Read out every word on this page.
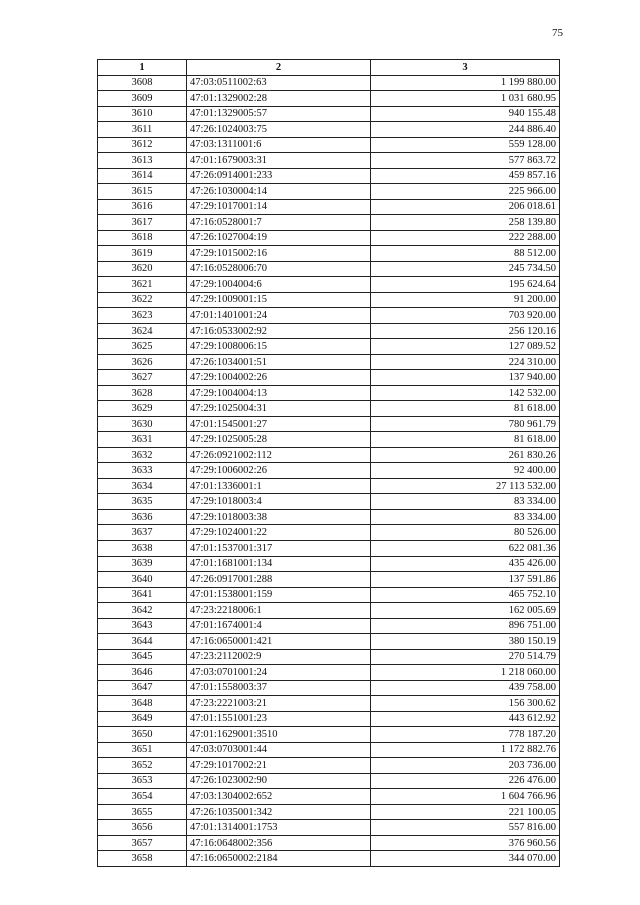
75
1	2	3
3608	47:03:0511002:63	1 199 880.00
3609	47:01:1329002:28	1 031 680.95
3610	47:01:1329005:57	940 155.48
3611	47:26:1024003:75	244 886.40
3612	47:03:1311001:6	559 128.00
3613	47:01:1679003:31	577 863.72
3614	47:26:0914001:233	459 857.16
3615	47:26:1030004:14	225 966.00
3616	47:29:1017001:14	206 018.61
3617	47:16:0528001:7	258 139.80
3618	47:26:1027004:19	222 288.00
3619	47:29:1015002:16	88 512.00
3620	47:16:0528006:70	245 734.50
3621	47:29:1004004:6	195 624.64
3622	47:29:1009001:15	91 200.00
3623	47:01:1401001:24	703 920.00
3624	47:16:0533002:92	256 120.16
3625	47:29:1008006:15	127 089.52
3626	47:26:1034001:51	224 310.00
3627	47:29:1004002:26	137 940.00
3628	47:29:1004004:13	142 532.00
3629	47:29:1025004:31	81 618.00
3630	47:01:1545001:27	780 961.79
3631	47:29:1025005:28	81 618.00
3632	47:26:0921002:112	261 830.26
3633	47:29:1006002:26	92 400.00
3634	47:01:1336001:1	27 113 532.00
3635	47:29:1018003:4	83 334.00
3636	47:29:1018003:38	83 334.00
3637	47:29:1024001:22	80 526.00
3638	47:01:1537001:317	622 081.36
3639	47:01:1681001:134	435 426.00
3640	47:26:0917001:288	137 591.86
3641	47:01:1538001:159	465 752.10
3642	47:23:2218006:1	162 005.69
3643	47:01:1674001:4	896 751.00
3644	47:16:0650001:421	380 150.19
3645	47:23:2112002:9	270 514.79
3646	47:03:0701001:24	1 218 060.00
3647	47:01:1558003:37	439 758.00
3648	47:23:2221003:21	156 300.62
3649	47:01:1551001:23	443 612.92
3650	47:01:1629001:3510	778 187.20
3651	47:03:0703001:44	1 172 882.76
3652	47:29:1017002:21	203 736.00
3653	47:26:1023002:90	226 476.00
3654	47:03:1304002:652	1 604 766.96
3655	47:26:1035001:342	221 100.05
3656	47:01:1314001:1753	557 816.00
3657	47:16:0648002:356	376 960.56
3658	47:16:0650002:2184	344 070.00
